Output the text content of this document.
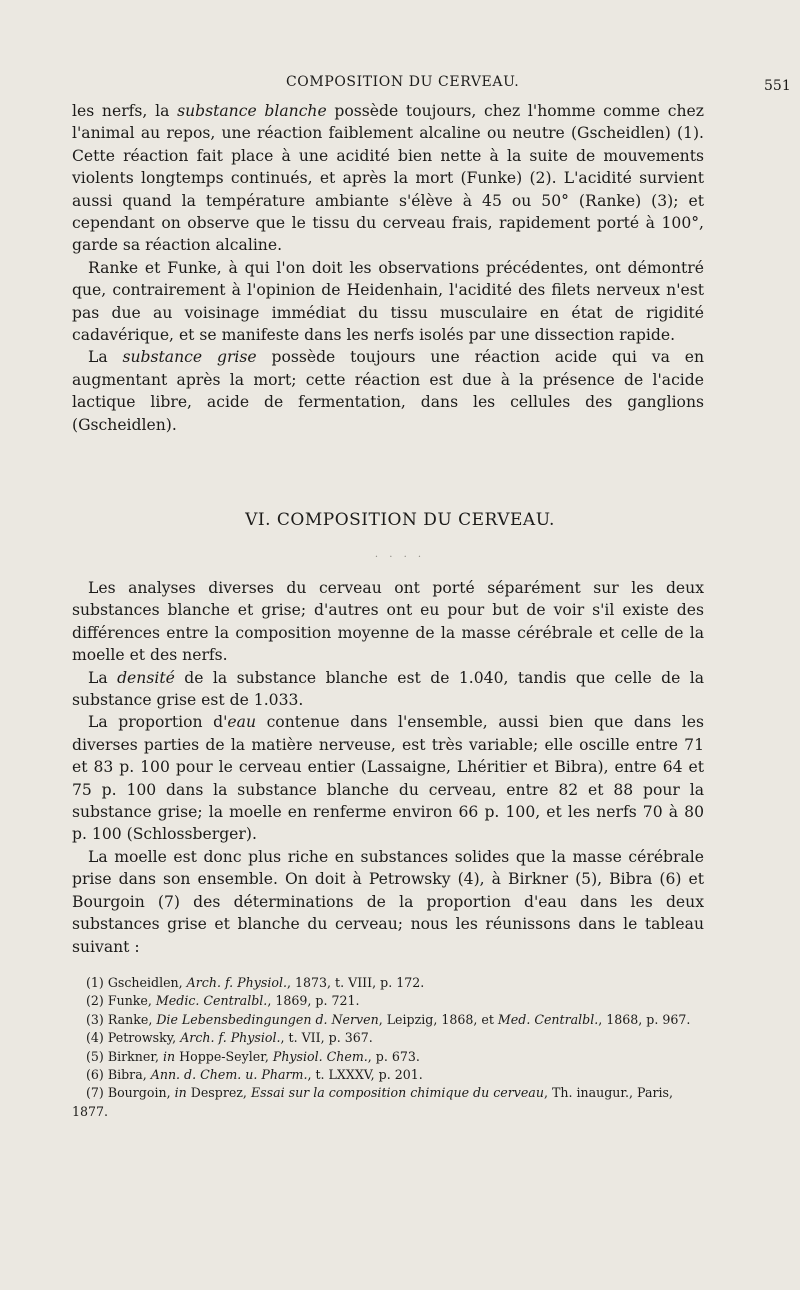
COMPOSITION DU CERVEAU.	551

les nerfs, la substance blanche possède toujours, chez l'homme comme chez l'animal au repos, une réaction faiblement alcaline ou neutre (Gscheidlen) (1). Cette réaction fait place à une acidité bien nette à la suite de mouvements violents longtemps continués, et après la mort (Funke) (2). L'acidité survient aussi quand la température ambiante s'élève à 45 ou 50° (Ranke) (3); et cependant on observe que le tissu du cerveau frais, rapidement porté à 100°, garde sa réaction alcaline.

Ranke et Funke, à qui l'on doit les observations précédentes, ont démontré que, contrairement à l'opinion de Heidenhain, l'acidité des filets nerveux n'est pas due au voisinage immédiat du tissu musculaire en état de rigidité cadavérique, et se manifeste dans les nerfs isolés par une dissection rapide.

La substance grise possède toujours une réaction acide qui va en augmentant après la mort; cette réaction est due à la présence de l'acide lactique libre, acide de fermentation, dans les cellules des ganglions (Gscheidlen).

VI. COMPOSITION DU CERVEAU.
. . . .

Les analyses diverses du cerveau ont porté séparément sur les deux substances blanche et grise; d'autres ont eu pour but de voir s'il existe des différences entre la composition moyenne de la masse cérébrale et celle de la moelle et des nerfs.

La densité de la substance blanche est de 1.040, tandis que celle de la substance grise est de 1.033.

La proportion d'eau contenue dans l'ensemble, aussi bien que dans les diverses parties de la matière nerveuse, est très variable; elle oscille entre 71 et 83 p. 100 pour le cerveau entier (Lassaigne, Lhéritier et Bibra), entre 64 et 75 p. 100 dans la substance blanche du cerveau, entre 82 et 88 pour la substance grise; la moelle en renferme environ 66 p. 100, et les nerfs 70 à 80 p. 100 (Schlossberger).

La moelle est donc plus riche en substances solides que la masse cérébrale prise dans son ensemble. On doit à Petrowsky (4), à Birkner (5), Bibra (6) et Bourgoin (7) des déterminations de la proportion d'eau dans les deux substances grise et blanche du cerveau; nous les réunissons dans le tableau suivant :

(1) Gscheidlen, Arch. f. Physiol., 1873, t. VIII, p. 172.

(2) Funke, Medic. Centralbl., 1869, p. 721.

(3) Ranke, Die Lebensbedingungen d. Nerven, Leipzig, 1868, et Med. Centralbl., 1868, p. 967.

(4) Petrowsky, Arch. f. Physiol., t. VII, p. 367.

(5) Birkner, in Hoppe-Seyler, Physiol. Chem., p. 673.

(6) Bibra, Ann. d. Chem. u. Pharm., t. LXXXV, p. 201.

(7) Bourgoin, in Desprez, Essai sur la composition chimique du cerveau, Th. inaugur., Paris, 1877.
